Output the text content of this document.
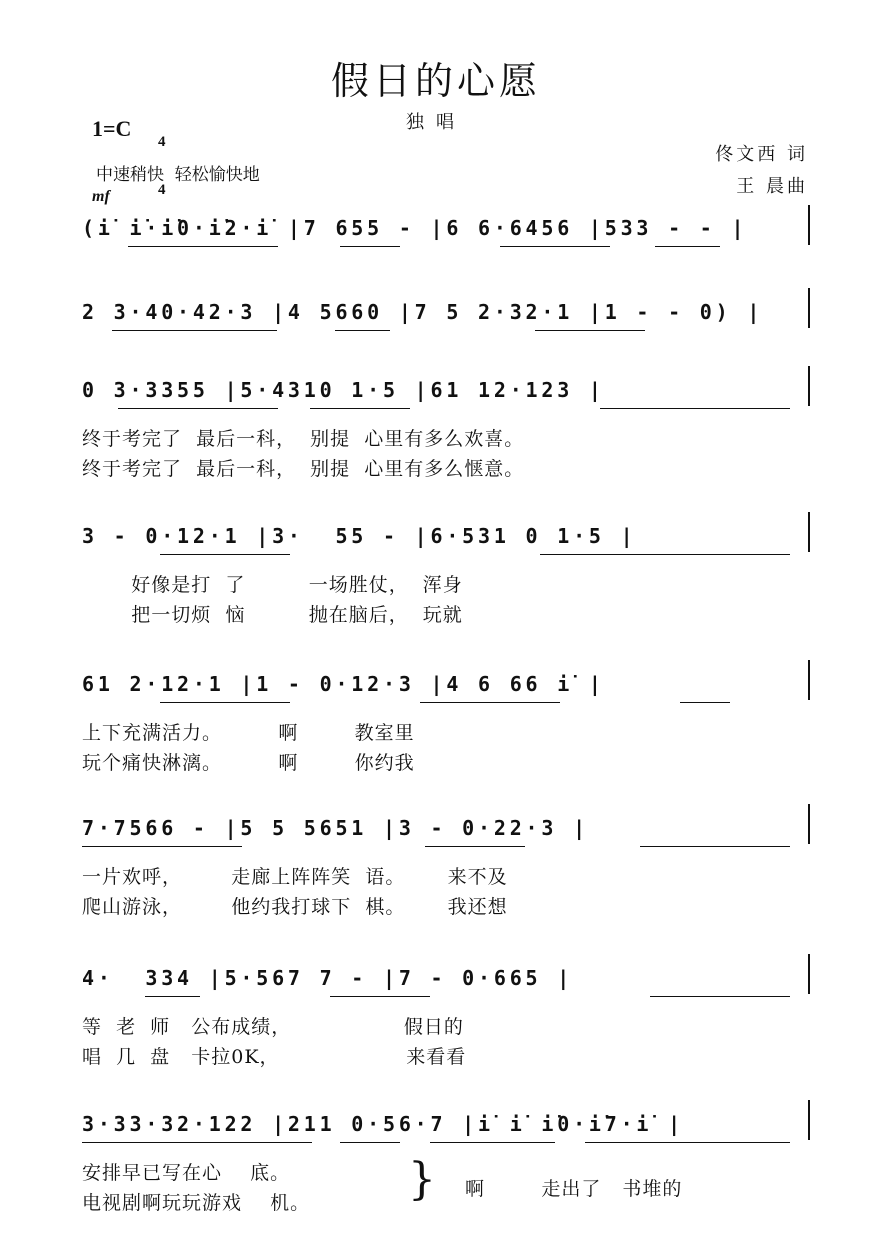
假日的心愿
独唱
1=C

4

4

中速稍快  轻松愉快地
mf
佟文西 词
王 晨曲
(i̇ i̇·i̇0·i̇2·i̇ |7 655 - |6 6·6456 |533 - - |
2 3·40·42·3 |4 5660 |7 5 2·32·1 |1 - - 0) |
0 3·3355 |5·4310 1·5 |61 12·123 |
终于考完了  最后一科，  别提  心里有多么欢喜。
终于考完了  最后一科，  别提  心里有多么惬意。
3 - 0·12·1 |3·  55 - |6·531 0 1·5 |
好像是打  了         一场胜仗，  浑身
把一切烦  恼         抛在脑后，  玩就
61 2·12·1 |1 - 0·12·3 |4 6 66 i̇ |
上下充满活力。        啊        教室里
玩个痛快淋漓。        啊        你约我
7·7566 - |5 5 5651 |3 - 0·22·3 |
一片欢呼，       走廊上阵阵笑  语。      来不及
爬山游泳，       他约我打球下  棋。      我还想
4·  334 |5·567 7 - |7 - 0·665 |
等  老  师   公布成绩，                假日的
唱  几  盘   卡拉0K，                  来看看
3·33·32·122 |211 0·56·7 |i̇ i̇ i̇0·i̇7·i̇ |
安排早已写在心    底。
电视剧啊玩玩游戏    机。 } 啊        走出了   书堆的
